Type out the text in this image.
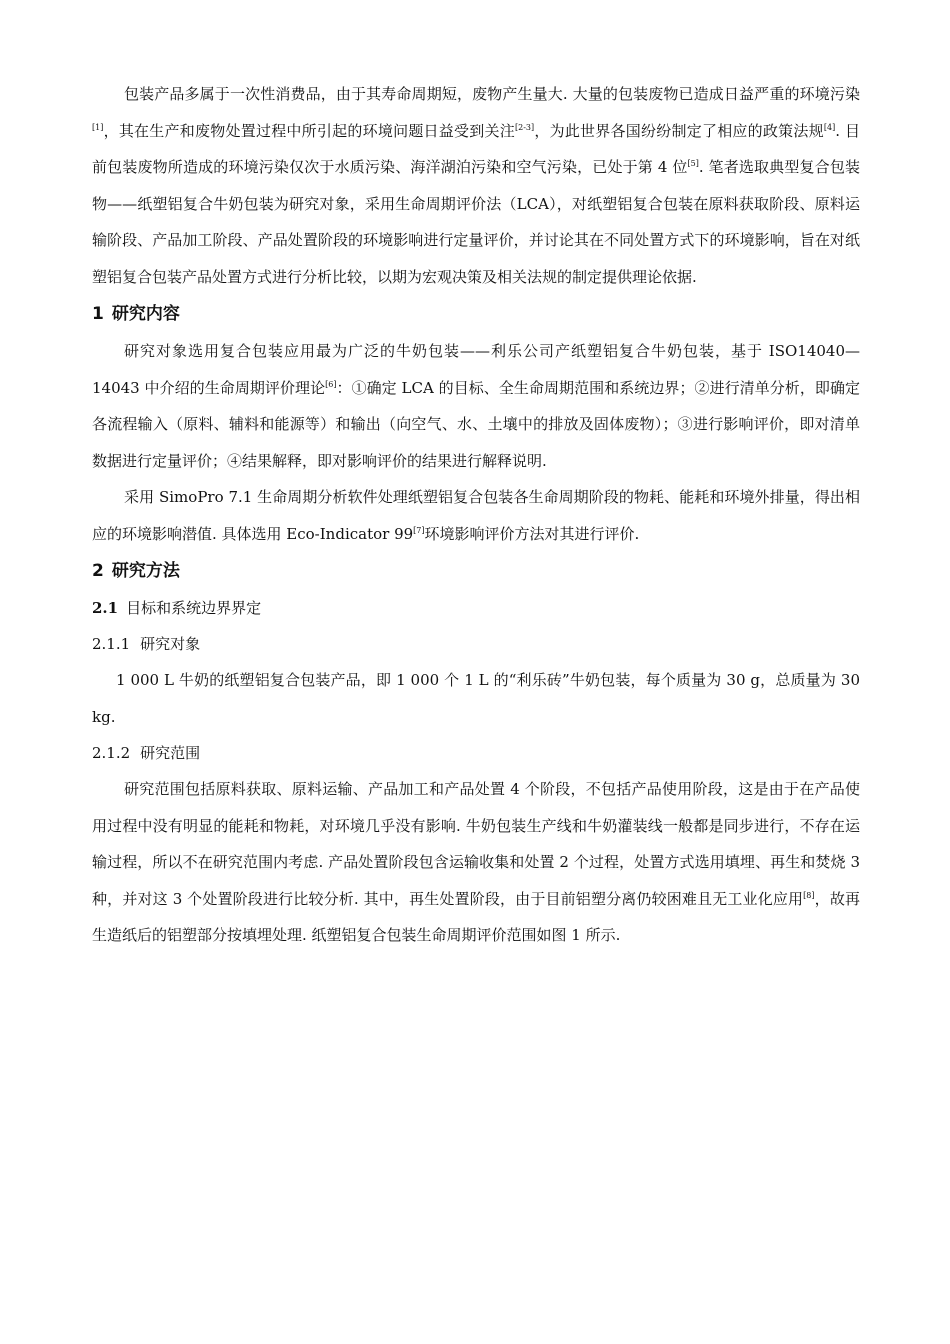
包装产品多属于一次性消费品，由于其寿命周期短，废物产生量大. 大量的包装废物已造成日益严重的环境污染[1]，其在生产和废物处置过程中所引起的环境问题日益受到关注[2-3]，为此世界各国纷纷制定了相应的政策法规[4]. 目前包装废物所造成的环境污染仅次于水质污染、海洋湖泊污染和空气污染，已处于第 4 位[5]. 笔者选取典型复合包装物——纸塑铝复合牛奶包装为研究对象，采用生命周期评价法（LCA），对纸塑铝复合包装在原料获取阶段、原料运输阶段、产品加工阶段、产品处置阶段的环境影响进行定量评价，并讨论其在不同处置方式下的环境影响，旨在对纸塑铝复合包装产品处置方式进行分析比较，以期为宏观决策及相关法规的制定提供理论依据.

1 研究内容

研究对象选用复合包装应用最为广泛的牛奶包装——利乐公司产纸塑铝复合牛奶包装，基于 ISO14040—14043 中介绍的生命周期评价理论[6]：①确定 LCA 的目标、全生命周期范围和系统边界；②进行清单分析，即确定各流程输入（原料、辅料和能源等）和输出（向空气、水、土壤中的排放及固体废物）；③进行影响评价，即对清单数据进行定量评价；④结果解释，即对影响评价的结果进行解释说明.

采用 SimoPro 7.1 生命周期分析软件处理纸塑铝复合包装各生命周期阶段的物耗、能耗和环境外排量，得出相应的环境影响潜值. 具体选用 Eco-Indicator 99[7]环境影响评价方法对其进行评价.

2 研究方法
2.1 目标和系统边界界定
2.1.1 研究对象

1 000 L 牛奶的纸塑铝复合包装产品，即 1 000 个 1 L 的“利乐砖”牛奶包装，每个质量为 30 g，总质量为 30 kg.

2.1.2 研究范围

研究范围包括原料获取、原料运输、产品加工和产品处置 4 个阶段，不包括产品使用阶段，这是由于在产品使用过程中没有明显的能耗和物耗，对环境几乎没有影响. 牛奶包装生产线和牛奶灌装线一般都是同步进行，不存在运输过程，所以不在研究范围内考虑. 产品处置阶段包含运输收集和处置 2 个过程，处置方式选用填埋、再生和焚烧 3 种，并对这 3 个处置阶段进行比较分析. 其中，再生处置阶段，由于目前铝塑分离仍较困难且无工业化应用[8]，故再生造纸后的铝塑部分按填埋处理. 纸塑铝复合包装生命周期评价范围如图 1 所示.
